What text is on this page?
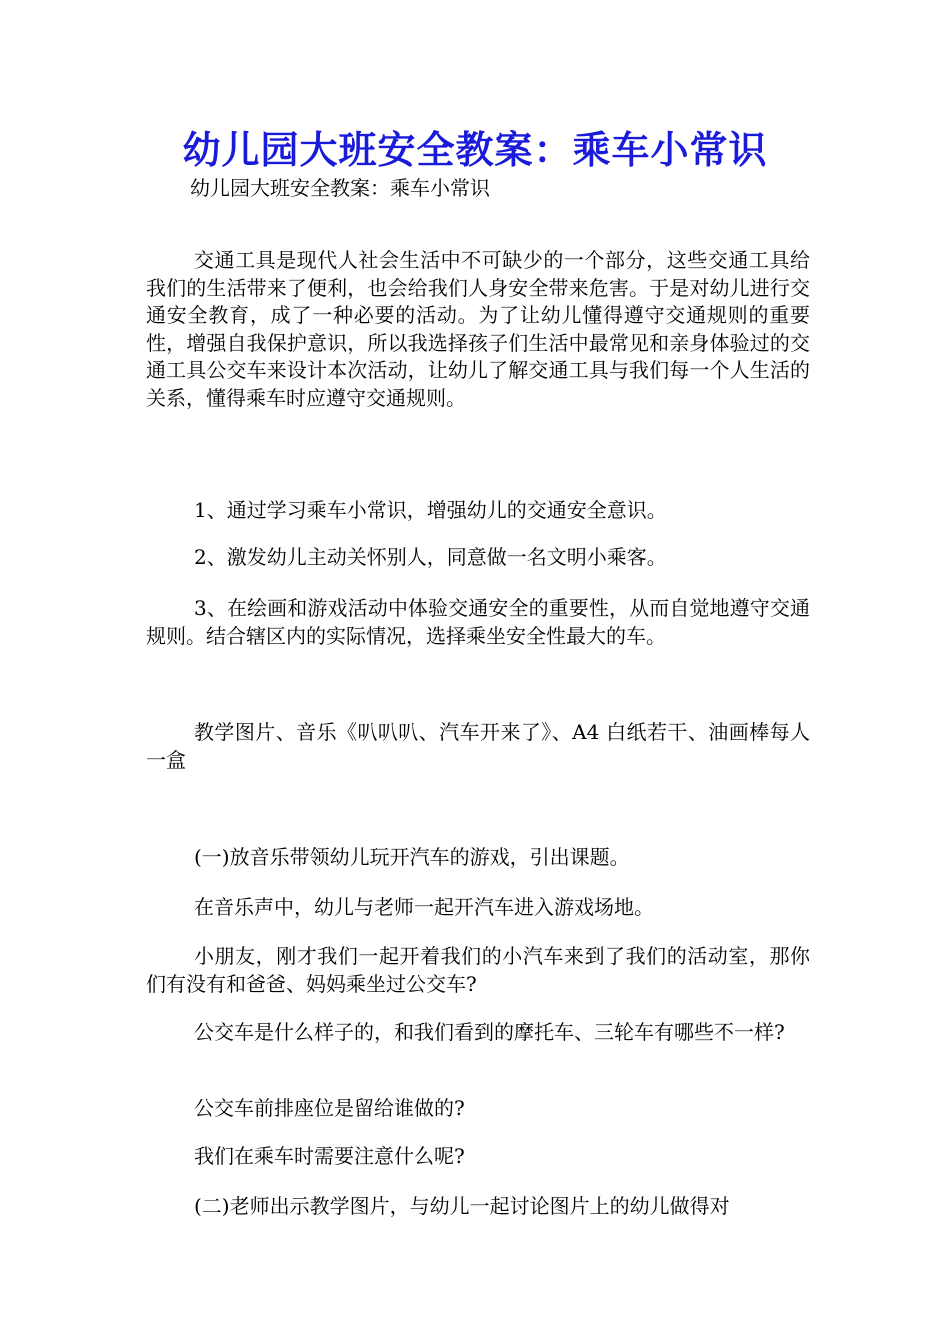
幼儿园大班安全教案：乘车小常识
幼儿园大班安全教案：乘车小常识

交通工具是现代人社会生活中不可缺少的一个部分，这些交通工具给我们的生活带来了便利，也会给我们人身安全带来危害。于是对幼儿进行交通安全教育，成了一种必要的活动。为了让幼儿懂得遵守交通规则的重要性，增强自我保护意识，所以我选择孩子们生活中最常见和亲身体验过的交通工具公交车来设计本次活动，让幼儿了解交通工具与我们每一个人生活的关系，懂得乘车时应遵守交通规则。

1、通过学习乘车小常识，增强幼儿的交通安全意识。

2、激发幼儿主动关怀别人，同意做一名文明小乘客。

3、在绘画和游戏活动中体验交通安全的重要性，从而自觉地遵守交通规则。结合辖区内的实际情况，选择乘坐安全性最大的车。

教学图片、音乐《叭叭叭、汽车开来了》、A4 白纸若干、油画棒每人一盒

(一)放音乐带领幼儿玩开汽车的游戏，引出课题。

在音乐声中，幼儿与老师一起开汽车进入游戏场地。

小朋友，刚才我们一起开着我们的小汽车来到了我们的活动室，那你们有没有和爸爸、妈妈乘坐过公交车?

公交车是什么样子的，和我们看到的摩托车、三轮车有哪些不一样?

公交车前排座位是留给谁做的?

我们在乘车时需要注意什么呢?

(二)老师出示教学图片，与幼儿一起讨论图片上的幼儿做得对
